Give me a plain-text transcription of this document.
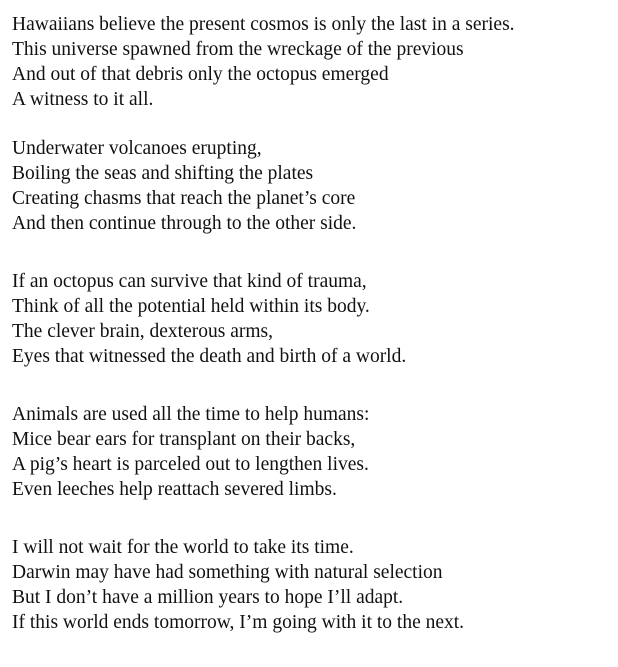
Hawaiians believe the present cosmos is only the last in a series.
This universe spawned from the wreckage of the previous
And out of that debris only the octopus emerged
A witness to it all.

Underwater volcanoes erupting,
Boiling the seas and shifting the plates
Creating chasms that reach the planet’s core
And then continue through to the other side.

If an octopus can survive that kind of trauma,
Think of all the potential held within its body.
The clever brain, dexterous arms,
Eyes that witnessed the death and birth of a world.

Animals are used all the time to help humans:
Mice bear ears for transplant on their backs,
A pig’s heart is parceled out to lengthen lives.
Even leeches help reattach severed limbs.

I will not wait for the world to take its time.
Darwin may have had something with natural selection
But I don’t have a million years to hope I’ll adapt.
If this world ends tomorrow, I’m going with it to the next.
